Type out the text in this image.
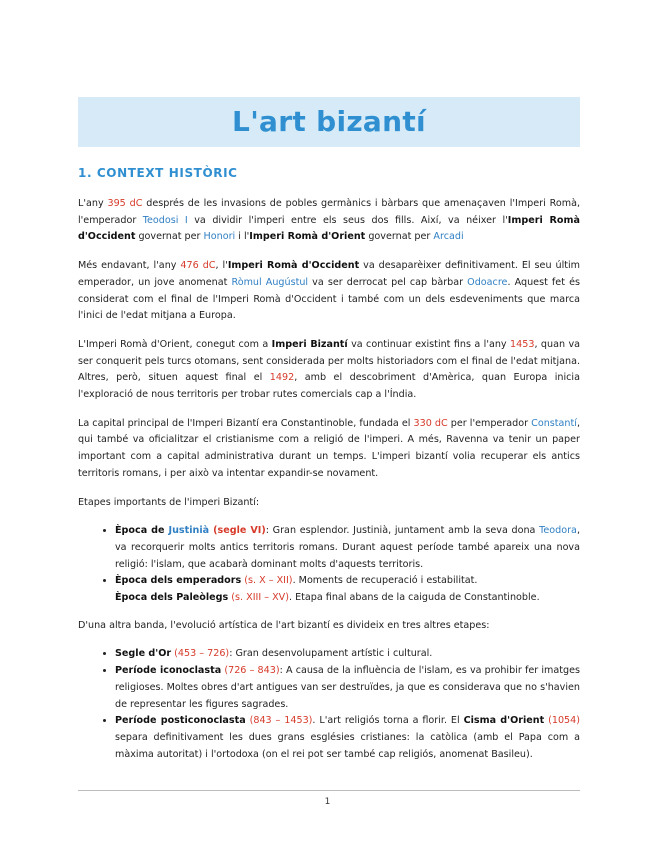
L'art bizantí
1. CONTEXT HISTÒRIC

L'any 395 dC després de les invasions de pobles germànics i bàrbars que amenaçaven l'Imperi Romà, l'emperador Teodosi I va dividir l'imperi entre els seus dos fills. Així, va néixer l'Imperi Romà d'Occident governat per Honori i l'Imperi Romà d'Orient governat per Arcadi

Més endavant, l'any 476 dC, l'Imperi Romà d'Occident va desaparèixer definitivament. El seu últim emperador, un jove anomenat Ròmul Augústul va ser derrocat pel cap bàrbar Odoacre. Aquest fet és considerat com el final de l'Imperi Romà d'Occident i també com un dels esdeveniments que marca l'inici de l'edat mitjana a Europa.

L'Imperi Romà d'Orient, conegut com a Imperi Bizantí va continuar existint fins a l'any 1453, quan va ser conquerit pels turcs otomans, sent considerada per molts historiadors com el final de l'edat mitjana. Altres, però, situen aquest final el 1492, amb el descobriment d'Amèrica, quan Europa inicia l'exploració de nous territoris per trobar rutes comercials cap a l'Índia.

La capital principal de l'Imperi Bizantí era Constantinoble, fundada el 330 dC per l'emperador Constantí, qui també va oficialitzar el cristianisme com a religió de l'imperi. A més, Ravenna va tenir un paper important com a capital administrativa durant un temps. L'imperi bizantí volia recuperar els antics territoris romans, i per això va intentar expandir-se novament.

Etapes importants de l'imperi Bizantí:

• Època de Justinià (segle VI): Gran esplendor. Justinià, juntament amb la seva dona Teodora, va recorquerir molts antics territoris romans. Durant aquest període també apareix una nova religió: l'islam, que acabarà dominant molts d'aquests territoris.
• Època dels emperadors (s. X – XII). Moments de recuperació i estabilitat.
Època dels Paleòlegs (s. XIII – XV). Etapa final abans de la caiguda de Constantinoble.

D'una altra banda, l'evolució artística de l'art bizantí es divideix en tres altres etapes:

• Segle d'Or (453 – 726): Gran desenvolupament artístic i cultural.
• Període iconoclasta (726 – 843): A causa de la influència de l'islam, es va prohibir fer imatges religioses. Moltes obres d'art antigues van ser destruïdes, ja que es considerava que no s'havien de representar les figures sagrades.
• Període posticonoclasta (843 – 1453). L'art religiós torna a florir. El Cisma d'Orient (1054) separa definitivament les dues grans esglésies cristianes: la catòlica (amb el Papa com a màxima autoritat) i l'ortodoxa (on el rei pot ser també cap religiós, anomenat Basileu).
1
